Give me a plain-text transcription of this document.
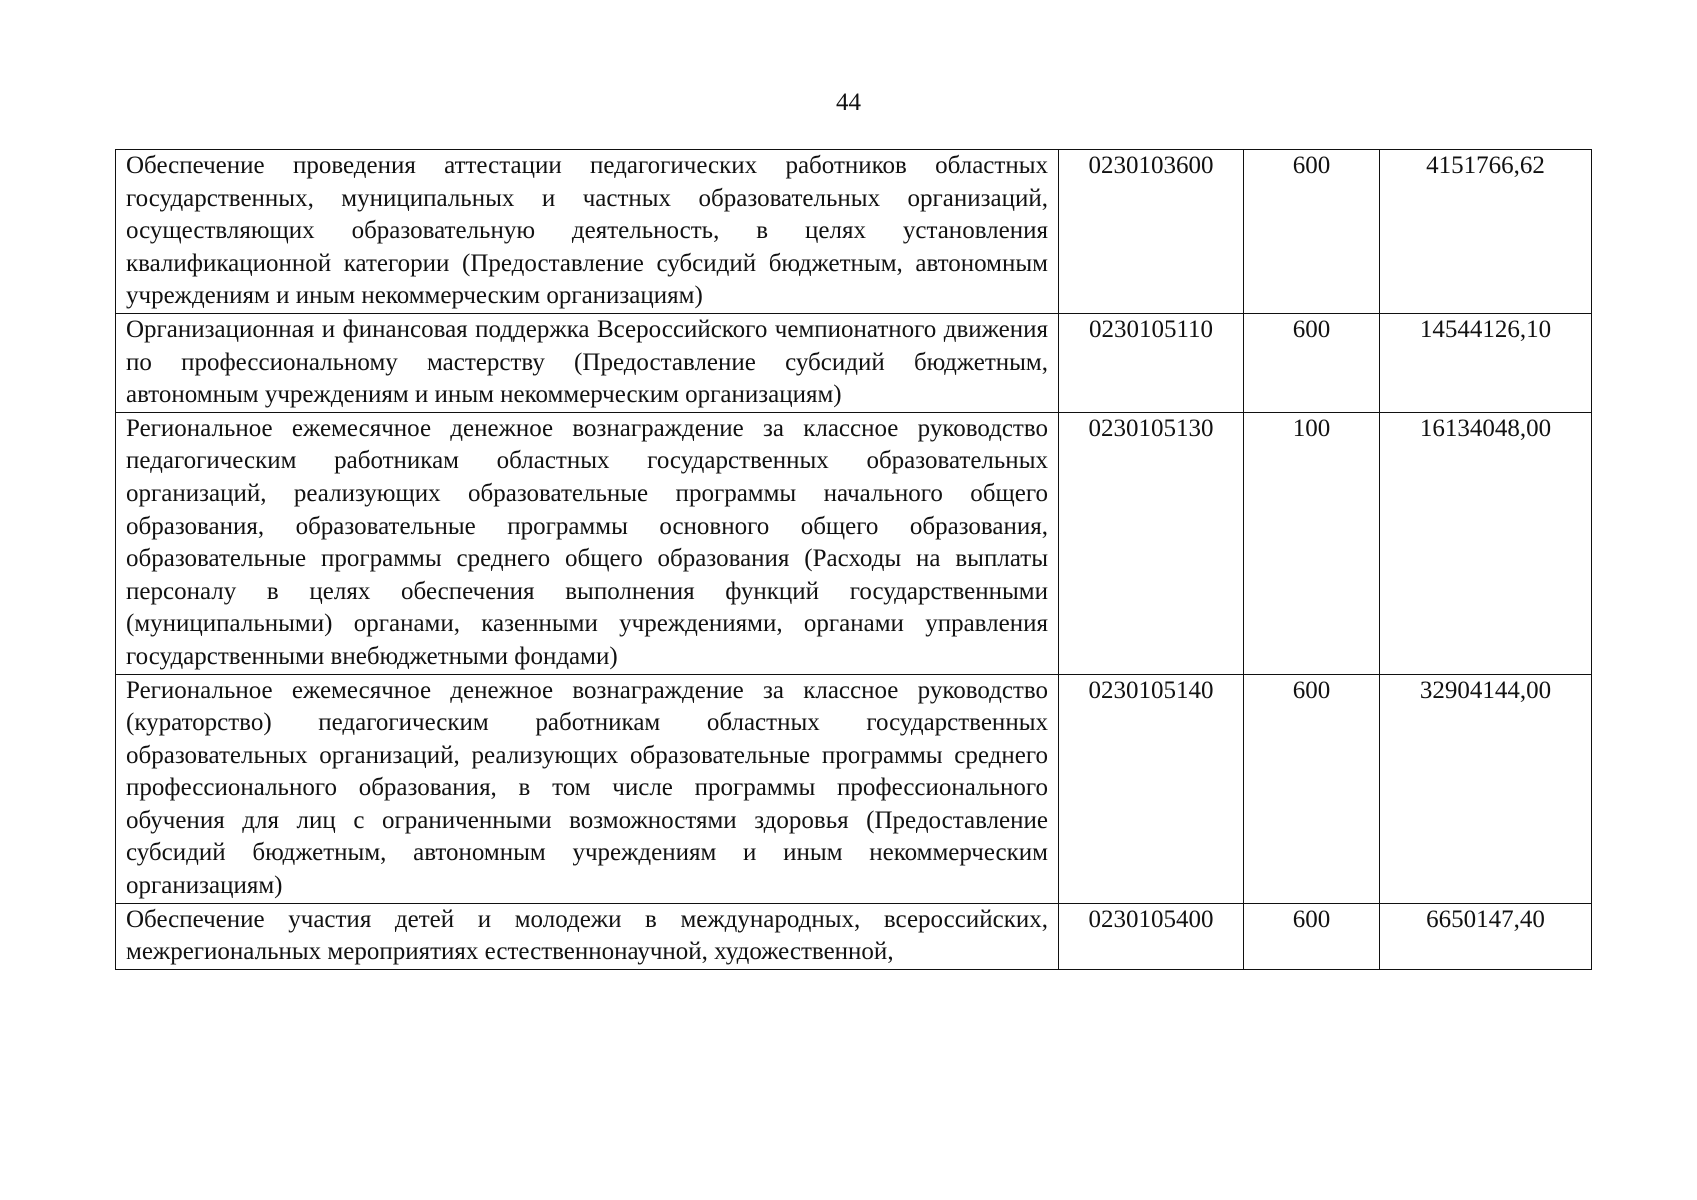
44
Обеспечение проведения аттестации педагогических работников областных государственных, муниципальных и частных образовательных организаций, осуществляющих образовательную деятельность, в целях установления квалификационной категории (Предоставление субсидий бюджетным, автономным учреждениям и иным некоммерческим организациям)	0230103600	600	4151766,62
Организационная и финансовая поддержка Всероссийского чемпионатного движения по профессиональному мастерству (Предоставление субсидий бюджетным, автономным учреждениям и иным некоммерческим организациям)	0230105110	600	14544126,10
Региональное ежемесячное денежное вознаграждение за классное руководство педагогическим работникам областных государственных образовательных организаций, реализующих образовательные программы начального общего образования, образовательные программы основного общего образования, образовательные программы среднего общего образования (Расходы на выплаты персоналу в целях обеспечения выполнения функций государственными (муниципальными) органами, казенными учреждениями, органами управления государственными внебюджетными фондами)	0230105130	100	16134048,00
Региональное ежемесячное денежное вознаграждение за классное руководство (кураторство) педагогическим работникам областных государственных образовательных организаций, реализующих образовательные программы среднего профессионального образования, в том числе программы профессионального обучения для лиц с ограниченными возможностями здоровья (Предоставление субсидий бюджетным, автономным учреждениям и иным некоммерческим организациям)	0230105140	600	32904144,00
Обеспечение участия детей и молодежи в международных, всероссийских, межрегиональных мероприятиях естественнонаучной, художественной,	0230105400	600	6650147,40
